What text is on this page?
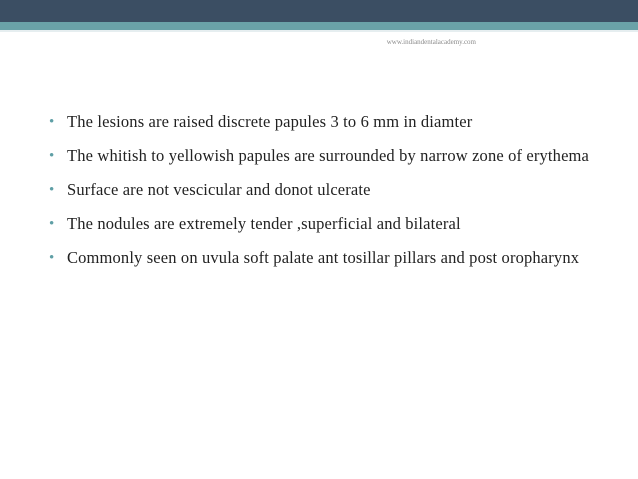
www.indiandentalacademy.com
• The lesions are raised discrete papules 3 to 6 mm in diamter
• The whitish to yellowish papules are surrounded by narrow zone of erythema
• Surface are not vescicular and donot ulcerate
• The nodules are extremely tender ,superficial and bilateral
• Commonly seen on uvula soft palate ant tosillar pillars and post oropharynx
